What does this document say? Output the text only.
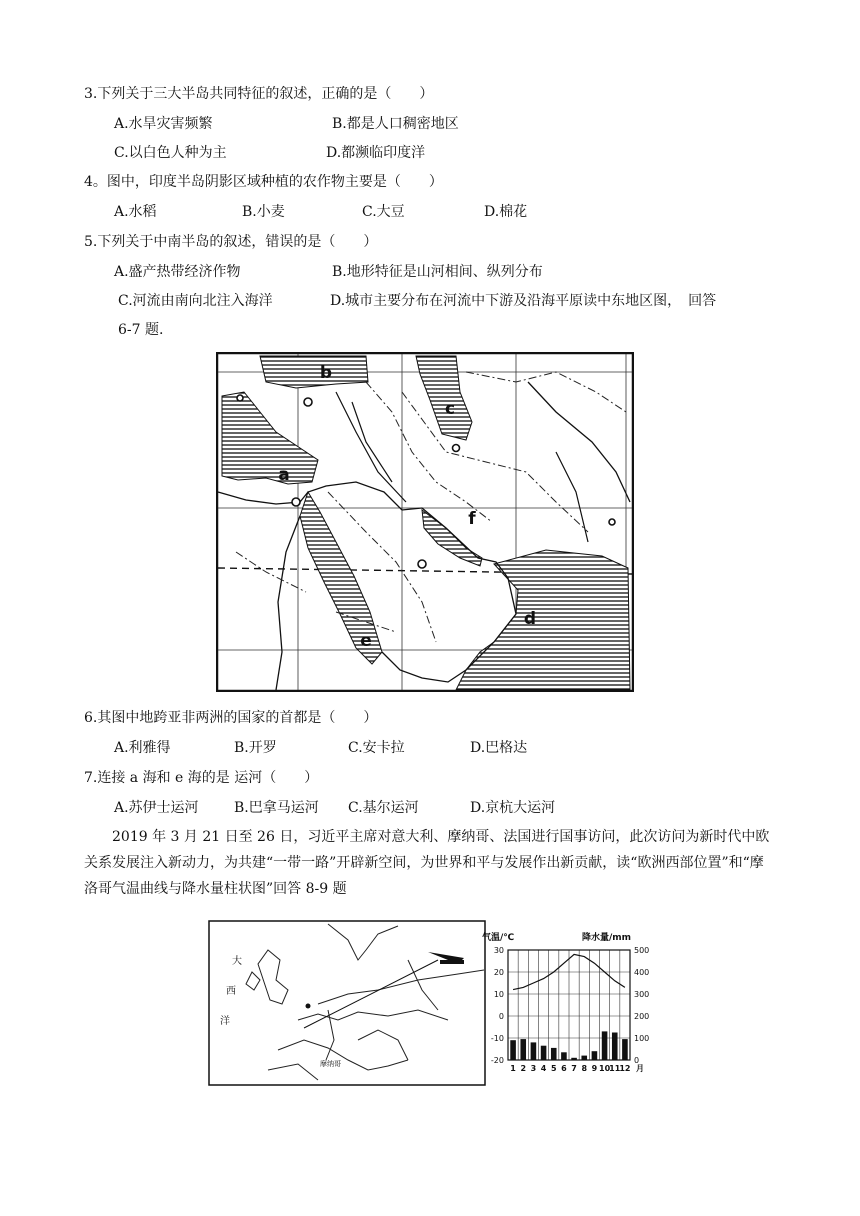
3.下列关于三大半岛共同特征的叙述，正确的是（　　）
A.水旱灾害频繁	B.都是人口稠密地区
C.以白色人种为主	D.都濒临印度洋
4。图中，印度半岛阴影区域种植的农作物主要是（　　）
A.水稻	B.小麦	C.大豆	D.棉花
5.下列关于中南半岛的叙述，错误的是（　　）
A.盛产热带经济作物	B.地形特征是山河相间、纵列分布
C.河流由南向北注入海洋	D.城市主要分布在河流中下游及沿海平原读中东地区图，　回答
6-7 题.
b
c
a
f
d
e
6.其图中地跨亚非两洲的国家的首都是（　　）
A.利雅得	B.开罗	C.安卡拉	D.巴格达
7.连接 a 海和 e 海的是 运河（　　）
A.苏伊士运河	B.巴拿马运河 C.基尔运河	D.京杭大运河
2019 年 3 月 21 日至 26 日，习近平主席对意大利、摩纳哥、法国进行国事访问，此次访问为新时代中欧关系发展注入新动力，为共建“一带一路”开辟新空间，为世界和平与发展作出新贡献，读“欧洲西部位置”和“摩洛哥气温曲线与降水量柱状图”回答 8-9 题
大
西
洋
摩纳哥
气温/℃	降水量/mm
30
20
10
0
-10
-20
500
400
300
200
100
0
1 2 3 4 5 6 7 8 9 10 11 12 月
